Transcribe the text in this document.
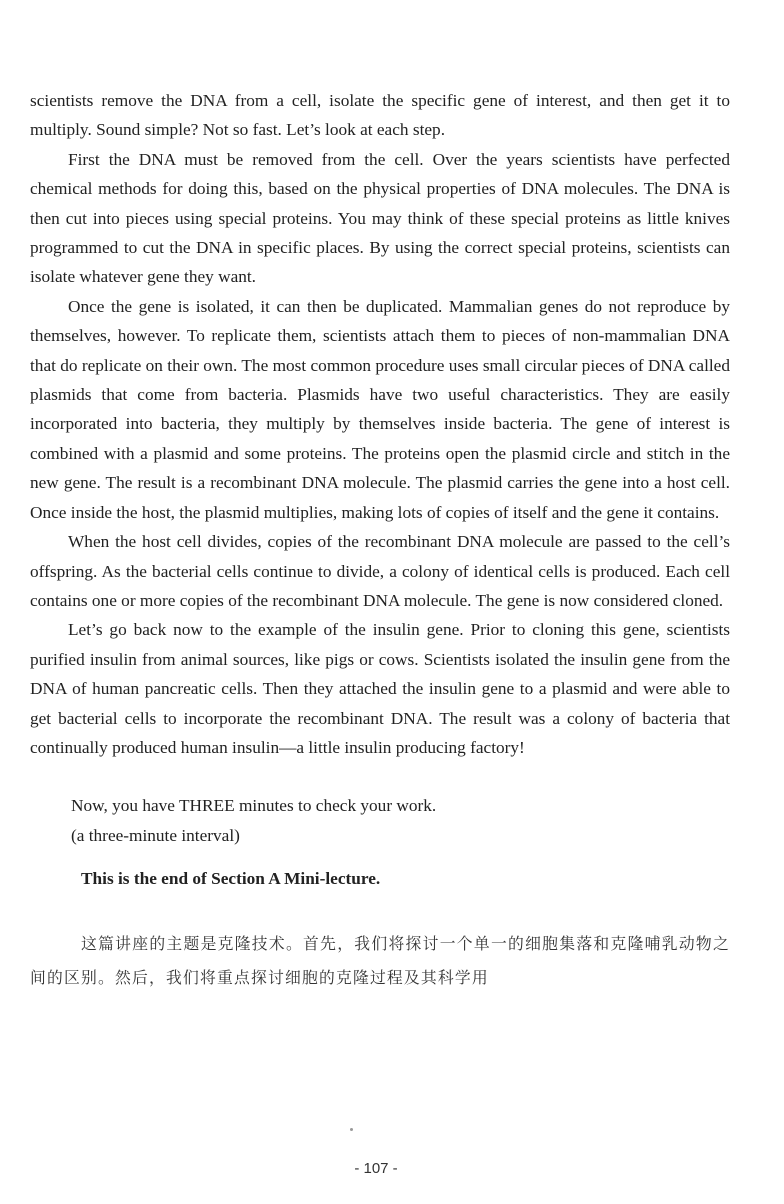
scientists remove the DNA from a cell, isolate the specific gene of interest, and then get it to multiply. Sound simple? Not so fast. Let’s look at each step.

First the DNA must be removed from the cell. Over the years scientists have perfected chemical methods for doing this, based on the physical properties of DNA molecules. The DNA is then cut into pieces using special proteins. You may think of these special proteins as little knives programmed to cut the DNA in specific places. By using the correct special proteins, scientists can isolate whatever gene they want.

Once the gene is isolated, it can then be duplicated. Mammalian genes do not reproduce by themselves, however. To replicate them, scientists attach them to pieces of non-mammalian DNA that do replicate on their own. The most common procedure uses small circular pieces of DNA called plasmids that come from bacteria. Plasmids have two useful characteristics. They are easily incorporated into bacteria, they multiply by themselves inside bacteria. The gene of interest is combined with a plasmid and some proteins. The proteins open the plasmid circle and stitch in the new gene. The result is a recombinant DNA molecule. The plasmid carries the gene into a host cell. Once inside the host, the plasmid multiplies, making lots of copies of itself and the gene it contains.

When the host cell divides, copies of the recombinant DNA molecule are passed to the cell’s offspring. As the bacterial cells continue to divide, a colony of identical cells is produced. Each cell contains one or more copies of the recombinant DNA molecule. The gene is now considered cloned.

Let’s go back now to the example of the insulin gene. Prior to cloning this gene, scientists purified insulin from animal sources, like pigs or cows. Scientists isolated the insulin gene from the DNA of human pancreatic cells. Then they attached the insulin gene to a plasmid and were able to get bacterial cells to incorporate the recombinant DNA. The result was a colony of bacteria that continually produced human insulin—a little insulin producing factory!

Now, you have THREE minutes to check your work.

(a three-minute interval)

This is the end of Section A Mini-lecture.

这篇讲座的主题是克隆技术。首先，我们将探讨一个单一的细胞集落和克隆哺乳动物之间的区别。然后，我们将重点探讨细胞的克隆过程及其科学用

- 107 -
